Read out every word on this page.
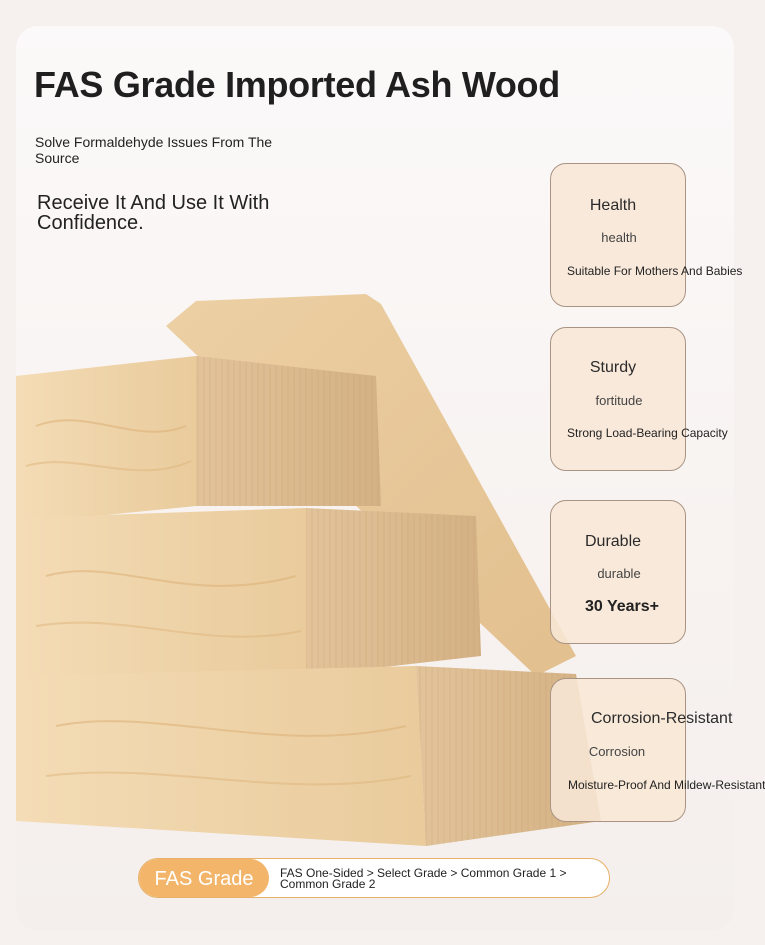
FAS Grade Imported Ash Wood
Solve Formaldehyde Issues From The Source
Receive It And Use It With Confidence.
Health
health
Suitable For Mothers And Babies
Sturdy
fortitude
Strong Load-Bearing Capacity
Durable
durable
30 Years+
Corrosion-Resistant
Corrosion
Moisture-Proof And Mildew-Resistant
FAS Grade	FAS One-Sided > Select Grade > Common Grade 1 > Common Grade 2
